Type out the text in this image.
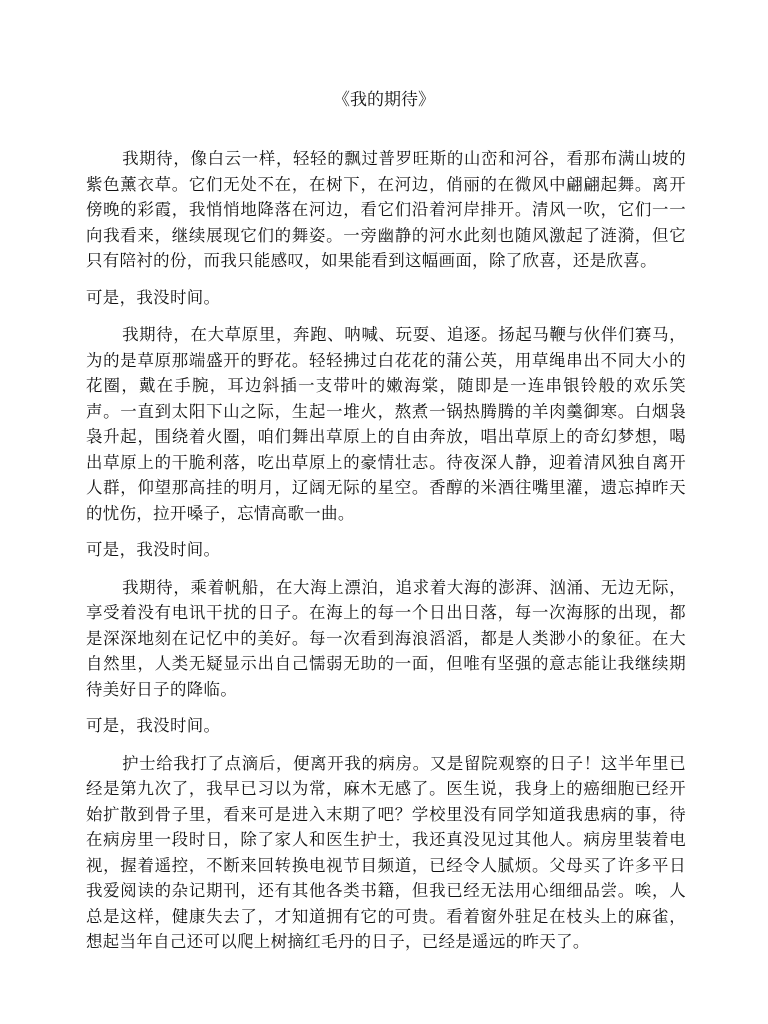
《我的期待》

我期待，像白云一样，轻轻的飘过普罗旺斯的山峦和河谷，看那布满山坡的紫色薰衣草。它们无处不在，在树下，在河边，俏丽的在微风中翩翩起舞。离开傍晚的彩霞，我悄悄地降落在河边，看它们沿着河岸排开。清风一吹，它们一一向我看来，继续展现它们的舞姿。一旁幽静的河水此刻也随风激起了涟漪，但它只有陪衬的份，而我只能感叹，如果能看到这幅画面，除了欣喜，还是欣喜。

可是，我没时间。

我期待，在大草原里，奔跑、呐喊、玩耍、追逐。扬起马鞭与伙伴们赛马，为的是草原那端盛开的野花。轻轻拂过白花花的蒲公英，用草绳串出不同大小的花圈，戴在手腕，耳边斜插一支带叶的嫩海棠，随即是一连串银铃般的欢乐笑声。一直到太阳下山之际，生起一堆火，熬煮一锅热腾腾的羊肉羹御寒。白烟袅袅升起，围绕着火圈，咱们舞出草原上的自由奔放，唱出草原上的奇幻梦想，喝出草原上的干脆利落，吃出草原上的豪情壮志。待夜深人静，迎着清风独自离开人群，仰望那高挂的明月，辽阔无际的星空。香醇的米酒往嘴里灌，遗忘掉昨天的忧伤，拉开嗓子，忘情高歌一曲。

可是，我没时间。

我期待，乘着帆船，在大海上漂泊，追求着大海的澎湃、汹涌、无边无际，享受着没有电讯干扰的日子。在海上的每一个日出日落，每一次海豚的出现，都是深深地刻在记忆中的美好。每一次看到海浪滔滔，都是人类渺小的象征。在大自然里，人类无疑显示出自己懦弱无助的一面，但唯有坚强的意志能让我继续期待美好日子的降临。

可是，我没时间。

护士给我打了点滴后，便离开我的病房。又是留院观察的日子！这半年里已经是第九次了，我早已习以为常，麻木无感了。医生说，我身上的癌细胞已经开始扩散到骨子里，看来可是进入末期了吧？学校里没有同学知道我患病的事，待在病房里一段时日，除了家人和医生护士，我还真没见过其他人。病房里装着电视，握着遥控，不断来回转换电视节目频道，已经令人腻烦。父母买了许多平日我爱阅读的杂记期刊，还有其他各类书籍，但我已经无法用心细细品尝。唉，人总是这样，健康失去了，才知道拥有它的可贵。看着窗外驻足在枝头上的麻雀，想起当年自己还可以爬上树摘红毛丹的日子，已经是遥远的昨天了。
